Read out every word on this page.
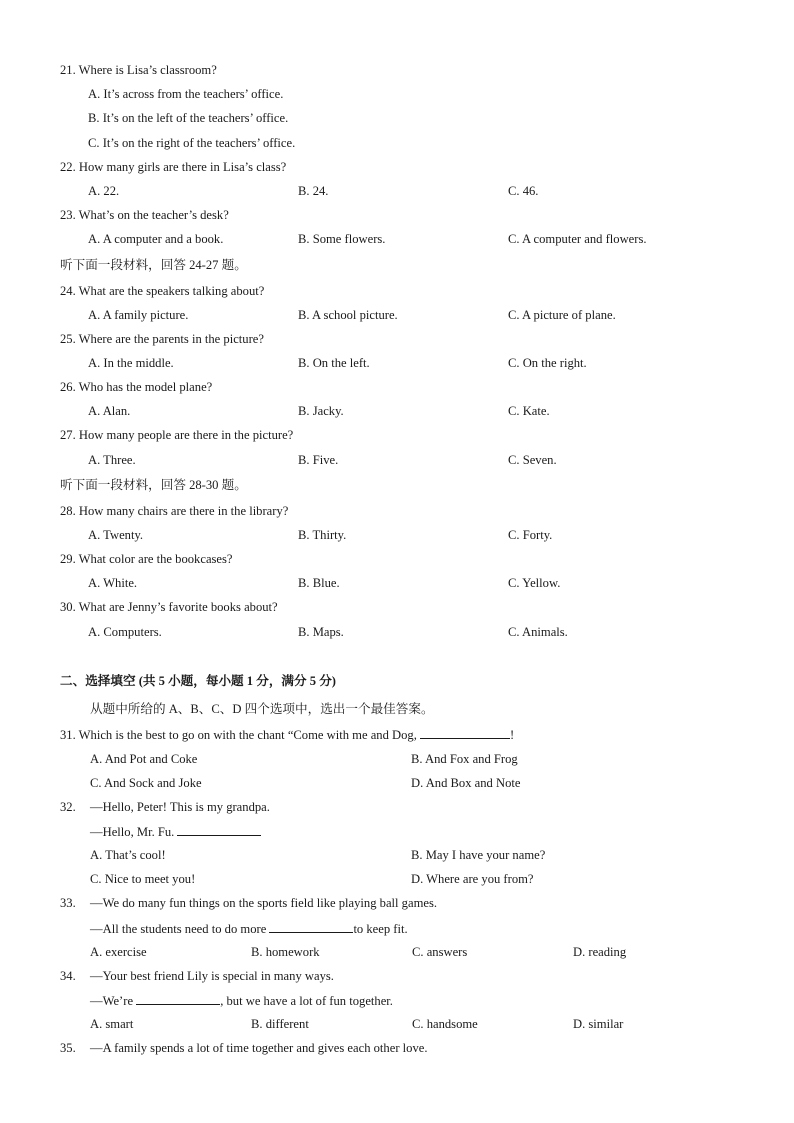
21. Where is Lisa’s classroom?
A. It’s across from the teachers’ office.
B. It’s on the left of the teachers’ office.
C. It’s on the right of the teachers’ office.
22. How many girls are there in Lisa’s class?
A. 22.	B. 24.	C. 46.
23. What’s on the teacher’s desk?
A. A computer and a book.	B. Some flowers.	C. A computer and flowers.
听下面一段材料，回答 24-27 题。
24. What are the speakers talking about?
A. A family picture.	B. A school picture.	C. A picture of plane.
25. Where are the parents in the picture?
A. In the middle.	B. On the left.	C. On the right.
26. Who has the model plane?
A. Alan.	B. Jacky.	C. Kate.
27. How many people are there in the picture?
A. Three.	B. Five.	C. Seven.
听下面一段材料，回答 28-30 题。
28. How many chairs are there in the library?
A. Twenty.	B. Thirty.	C. Forty.
29. What color are the bookcases?
A. White.	B. Blue.	C. Yellow.
30. What are Jenny’s favorite books about?
A. Computers.	B. Maps.	C. Animals.
二、选择填空 (共 5 小题，每小题 1 分，满分 5 分)
从题中所给的 A、B、C、D 四个选项中，选出一个最佳答案。
31. Which is the best to go on with the chant “Come with me and Dog,	!
A. And Pot and Coke	B. And Fox and Frog
C. And Sock and Joke	D. And Box and Note
32. —Hello, Peter! This is my grandpa.
—Hello, Mr. Fu.
A. That’s cool!	B. May I have your name?
C. Nice to meet you!	D. Where are you from?
33. —We do many fun things on the sports field like playing ball games.
—All the students need to do more	to keep fit.
A. exercise	B. homework	C. answers	D. reading
34. —Your best friend Lily is special in many ways.
—We’re	, but we have a lot of fun together.
A. smart	B. different	C. handsome	D. similar
35. —A family spends a lot of time together and gives each other love.
